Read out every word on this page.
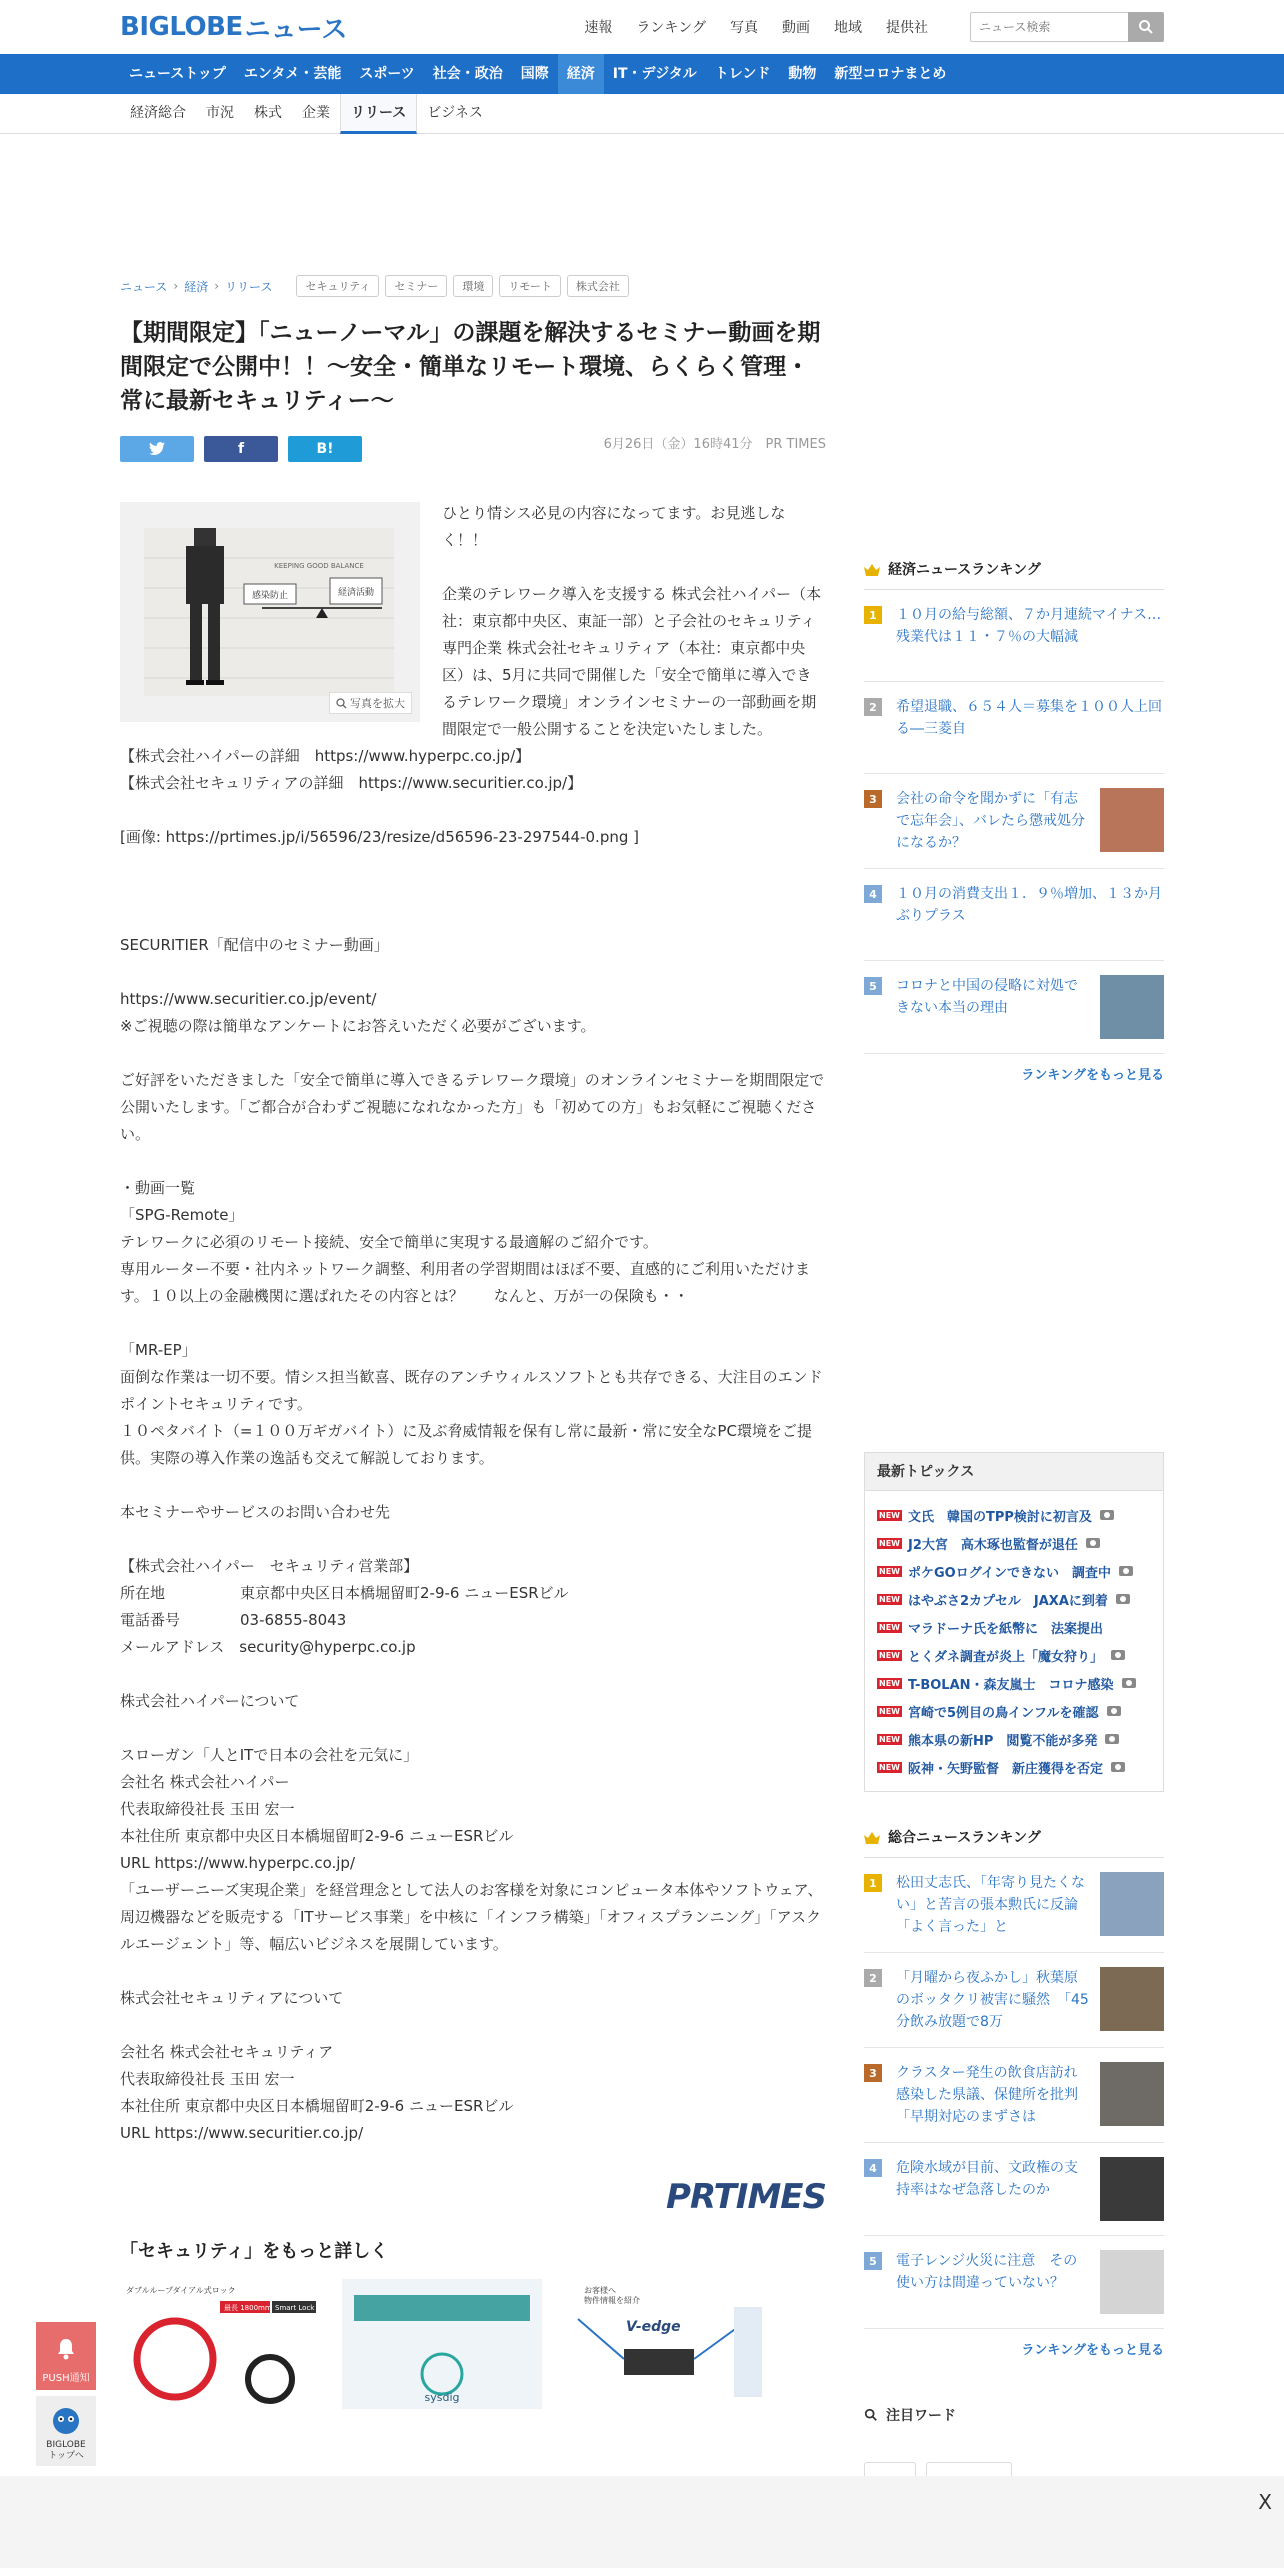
BIGLOBE ニュース	速報 ランキング 写真 動画 地域 提供社
ニュース検索
ニューストップ	エンタメ・芸能	スポーツ	社会・政治	国際	経済	IT・デジタル	トレンド	動物	新型コロナまとめ
経済総合	市況	株式	企業	リリース	ビジネス
ニュース › 経済 › リリース	セキュリティ	セミナー	環境	リモート	株式会社
【期間限定】「ニューノーマル」の課題を解決するセミナー動画を期間限定で公開中！！〜安全・簡単なリモート環境、らくらく管理・常に最新セキュリティー〜
f	B!	6月26日（金）16時41分　 PR TIMES
KEEPING GOOD BALANCE
感染防止	経済活動
写真を拡大
ひとり情シス必見の内容になってます。お見逃しなく！！

企業のテレワーク導入を支援する 株式会社ハイパー（本社：東京都中央区、東証一部）と子会社のセキュリティ専門企業 株式会社セキュリティア（本社：東京都中央区）は、5月に共同で開催した「安全で簡単に導入できるテレワーク環境」オンラインセミナーの一部動画を期間限定で一般公開することを決定いたしました。
【株式会社ハイパーの詳細　https://www.hyperpc.co.jp/】
【株式会社セキュリティアの詳細　https://www.securitier.co.jp/】

[画像: https://prtimes.jp/i/56596/23/resize/d56596-23-297544-0.png ]

SECURITIER「配信中のセミナー動画」

https://www.securitier.co.jp/event/
※ご視聴の際は簡単なアンケートにお答えいただく必要がございます。

ご好評をいただきました「安全で簡単に導入できるテレワーク環境」のオンラインセミナーを期間限定で公開いたします。「ご都合が合わずご視聴になれなかった方」も「初めての方」もお気軽にご視聴ください。

・動画一覧
「SPG-Remote」
テレワークに必須のリモート接続、安全で簡単に実現する最適解のご紹介です。
専用ルーター不要・社内ネットワーク調整、利用者の学習期間はほぼ不要、直感的にご利用いただけます。１０以上の金融機関に選ばれたその内容とは？　　なんと、万が一の保険も・・

「MR-EP」
面倒な作業は一切不要。情シス担当歓喜、既存のアンチウィルスソフトとも共存できる、大注目のエンドポイントセキュリティです。
１０ペタバイト（=１００万ギガバイト）に及ぶ脅威情報を保有し常に最新・常に安全なPC環境をご提供。実際の導入作業の逸話も交えて解説しております。

本セミナーやサービスのお問い合わせ先

【株式会社ハイパー　セキュリティ営業部】
所在地　　　　　東京都中央区日本橋堀留町2-9-6 ニューESRビル
電話番号　　　　03-6855-8043
メールアドレス　security@hyperpc.co.jp

株式会社ハイパーについて

スローガン「人とITで日本の会社を元気に」
会社名 株式会社ハイパー
代表取締役社長 玉田 宏一
本社住所 東京都中央区日本橋堀留町2-9-6 ニューESRビル
URL https://www.hyperpc.co.jp/
「ユーザーニーズ実現企業」を経営理念として法人のお客様を対象にコンピュータ本体やソフトウェア、周辺機器などを販売する「ITサービス事業」を中核に「インフラ構築」「オフィスプランニング」「アスクルエージェント」等、幅広いビジネスを展開しています。

株式会社セキュリティアについて

会社名 株式会社セキュリティア
代表取締役社長 玉田 宏一
本社住所 東京都中央区日本橋堀留町2-9-6 ニューESRビル
URL https://www.securitier.co.jp/
PRTIMES
「セキュリティ」をもっと詳しく
ダブルループダイアル式ロック
最長 1800mm Smart Lock
sysdig
お客様へ
物件情報を紹介
V-edge
経済ニュースランキング
1	１０月の給与総額、７か月連続マイナス…残業代は１１・７％の大幅減
2	希望退職、６５４人＝募集を１００人上回る―三菱自
3	会社の命令を聞かずに「有志で忘年会」、バレたら懲戒処分になるか？
4	１０月の消費支出１．９％増加、１３か月ぶりプラス
5	コロナと中国の侵略に対処できない本当の理由
ランキングをもっと見る
最新トピックス
NEW 文氏　韓国のTPP検討に初言及
NEW J2大宮　高木琢也監督が退任
NEW ポケGOログインできない　調査中
NEW はやぶさ2カプセル　JAXAに到着
NEW マラドーナ氏を紙幣に　法案提出
NEW とくダネ調査が炎上「魔女狩り」
NEW T-BOLAN・森友嵐士　コロナ感染
NEW 宮崎で5例目の鳥インフルを確認
NEW 熊本県の新HP　閲覧不能が多発
NEW 阪神・矢野監督　新庄獲得を否定
総合ニュースランキング
1	松田丈志氏、「年寄り見たくない」と苦言の張本勲氏に反論　「よく言った」と
2	「月曜から夜ふかし」秋葉原のボッタクリ被害に騒然　「45分飲み放題で8万
3	クラスター発生の飲食店訪れ感染した県議、保健所を批判「早期対応のまずさは
4	危険水域が目前、文政権の支持率はなぜ急落したのか
5	電子レンジ火災に注意　その使い方は間違っていない？
ランキングをもっと見る
注目ワード
X
PUSH通知
BIGLOBE
トップへ
